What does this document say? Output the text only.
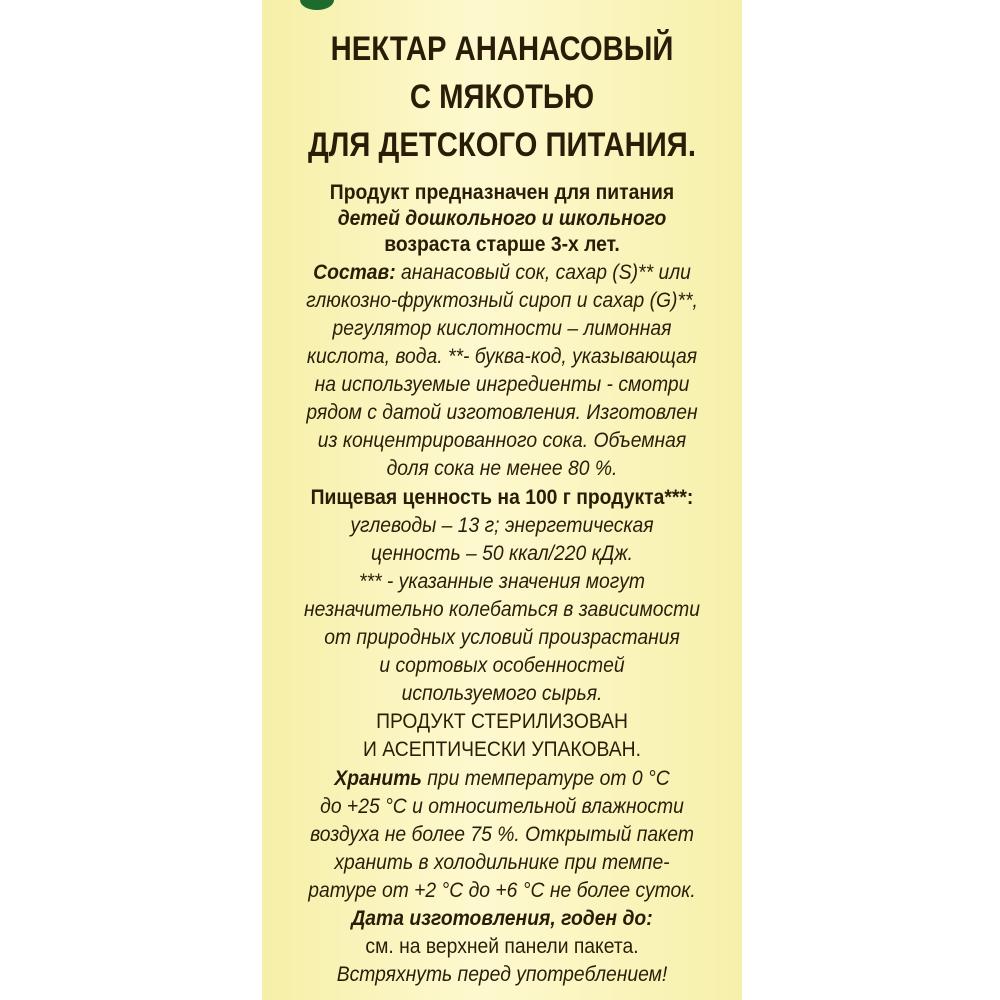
НЕКТАР АНАНАСОВЫЙ

С МЯКОТЬЮ

ДЛЯ ДЕТСКОГО ПИТАНИЯ.

Продукт предназначен для питания

детей дошкольного и школьного

возраста старше 3-х лет.

Состав: ананасовый сок, сахар (S)** или

глюкозно-фруктозный сироп и сахар (G)**,

регулятор кислотности – лимонная

кислота, вода. **- буква-код, указывающая

на используемые ингредиенты - смотри

рядом с датой изготовления. Изготовлен

из концентрированного сока. Объемная

доля сока не менее 80 %.

Пищевая ценность на 100 г продукта***:

углеводы – 13 г; энергетическая

ценность – 50 ккал/220 кДж.

*** - указанные значения могут

незначительно колебаться в зависимости

от природных условий произрастания

и сортовых особенностей

используемого сырья.

ПРОДУКТ СТЕРИЛИЗОВАН

И АСЕПТИЧЕСКИ УПАКОВАН.

Хранить при температуре от 0 °С

до +25 °С и относительной влажности

воздуха не более 75 %. Открытый пакет

хранить в холодильнике при темпе-

ратуре от +2 °С до +6 °С не более суток.

Дата изготовления, годен до:

см. на верхней панели пакета.

Встряхнуть перед употреблением!
